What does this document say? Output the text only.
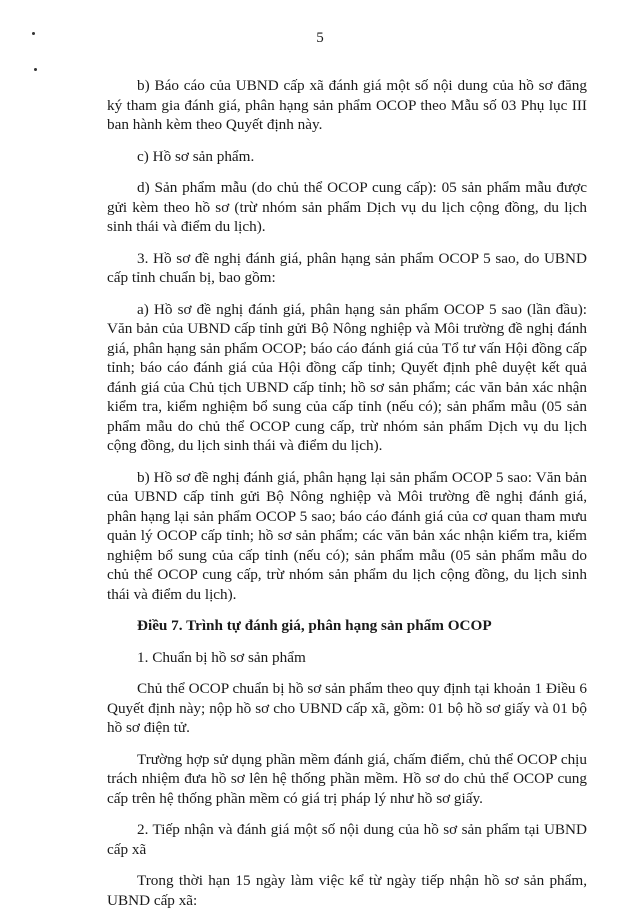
5

b) Báo cáo của UBND cấp xã đánh giá một số nội dung của hồ sơ đăng ký tham gia đánh giá, phân hạng sản phẩm OCOP theo Mẫu số 03 Phụ lục III ban hành kèm theo Quyết định này.

c) Hồ sơ sản phẩm.

d) Sản phẩm mẫu (do chủ thể OCOP cung cấp): 05 sản phẩm mẫu được gửi kèm theo hồ sơ (trừ nhóm sản phẩm Dịch vụ du lịch cộng đồng, du lịch sinh thái và điểm du lịch).

3. Hồ sơ đề nghị đánh giá, phân hạng sản phẩm OCOP 5 sao, do UBND cấp tỉnh chuẩn bị, bao gồm:

a) Hồ sơ đề nghị đánh giá, phân hạng sản phẩm OCOP 5 sao (lần đầu): Văn bản của UBND cấp tỉnh gửi Bộ Nông nghiệp và Môi trường đề nghị đánh giá, phân hạng sản phẩm OCOP; báo cáo đánh giá của Tổ tư vấn Hội đồng cấp tỉnh; báo cáo đánh giá của Hội đồng cấp tỉnh; Quyết định phê duyệt kết quả đánh giá của Chủ tịch UBND cấp tỉnh; hồ sơ sản phẩm; các văn bản xác nhận kiểm tra, kiểm nghiệm bổ sung của cấp tỉnh (nếu có); sản phẩm mẫu (05 sản phẩm mẫu do chủ thể OCOP cung cấp, trừ nhóm sản phẩm Dịch vụ du lịch cộng đồng, du lịch sinh thái và điểm du lịch).

b) Hồ sơ đề nghị đánh giá, phân hạng lại sản phẩm OCOP 5 sao: Văn bản của UBND cấp tỉnh gửi Bộ Nông nghiệp và Môi trường đề nghị đánh giá, phân hạng lại sản phẩm OCOP 5 sao; báo cáo đánh giá của cơ quan tham mưu quản lý OCOP cấp tỉnh; hồ sơ sản phẩm; các văn bản xác nhận kiểm tra, kiểm nghiệm bổ sung của cấp tỉnh (nếu có); sản phẩm mẫu (05 sản phẩm mẫu do chủ thể OCOP cung cấp, trừ nhóm sản phẩm du lịch cộng đồng, du lịch sinh thái và điểm du lịch).

Điều 7. Trình tự đánh giá, phân hạng sản phẩm OCOP

1. Chuẩn bị hồ sơ sản phẩm

Chủ thể OCOP chuẩn bị hồ sơ sản phẩm theo quy định tại khoản 1 Điều 6 Quyết định này; nộp hồ sơ cho UBND cấp xã, gồm: 01 bộ hồ sơ giấy và 01 bộ hồ sơ điện tử.

Trường hợp sử dụng phần mềm đánh giá, chấm điểm, chủ thể OCOP chịu trách nhiệm đưa hồ sơ lên hệ thống phần mềm. Hồ sơ do chủ thể OCOP cung cấp trên hệ thống phần mềm có giá trị pháp lý như hồ sơ giấy.

2. Tiếp nhận và đánh giá một số nội dung của hồ sơ sản phẩm tại UBND cấp xã

Trong thời hạn 15 ngày làm việc kể từ ngày tiếp nhận hồ sơ sản phẩm, UBND cấp xã:
